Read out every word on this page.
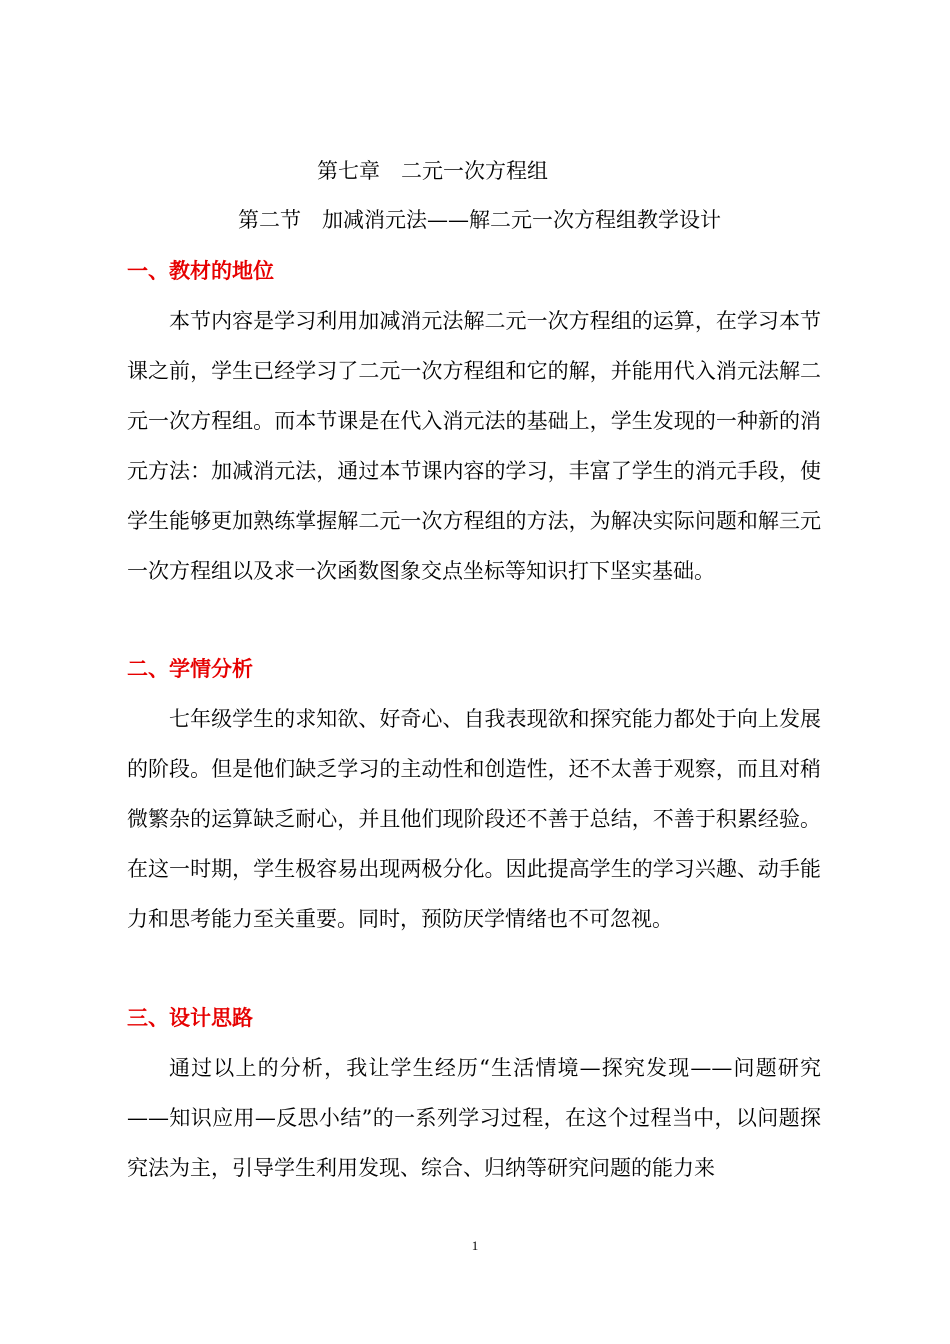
第七章　二元一次方程组
第二节　加减消元法——解二元一次方程组教学设计
一、教材的地位

本节内容是学习利用加减消元法解二元一次方程组的运算，在学习本节课之前，学生已经学习了二元一次方程组和它的解，并能用代入消元法解二元一次方程组。而本节课是在代入消元法的基础上，学生发现的一种新的消元方法：加减消元法，通过本节课内容的学习，丰富了学生的消元手段，使学生能够更加熟练掌握解二元一次方程组的方法，为解决实际问题和解三元一次方程组以及求一次函数图象交点坐标等知识打下坚实基础。

二、学情分析

七年级学生的求知欲、好奇心、自我表现欲和探究能力都处于向上发展的阶段。但是他们缺乏学习的主动性和创造性，还不太善于观察，而且对稍微繁杂的运算缺乏耐心，并且他们现阶段还不善于总结，不善于积累经验。在这一时期，学生极容易出现两极分化。因此提高学生的学习兴趣、动手能力和思考能力至关重要。同时，预防厌学情绪也不可忽视。

三、设计思路

通过以上的分析，我让学生经历“生活情境—探究发现——问题研究——知识应用—反思小结”的一系列学习过程，在这个过程当中，以问题探究法为主，引导学生利用发现、综合、归纳等研究问题的能力来

1
